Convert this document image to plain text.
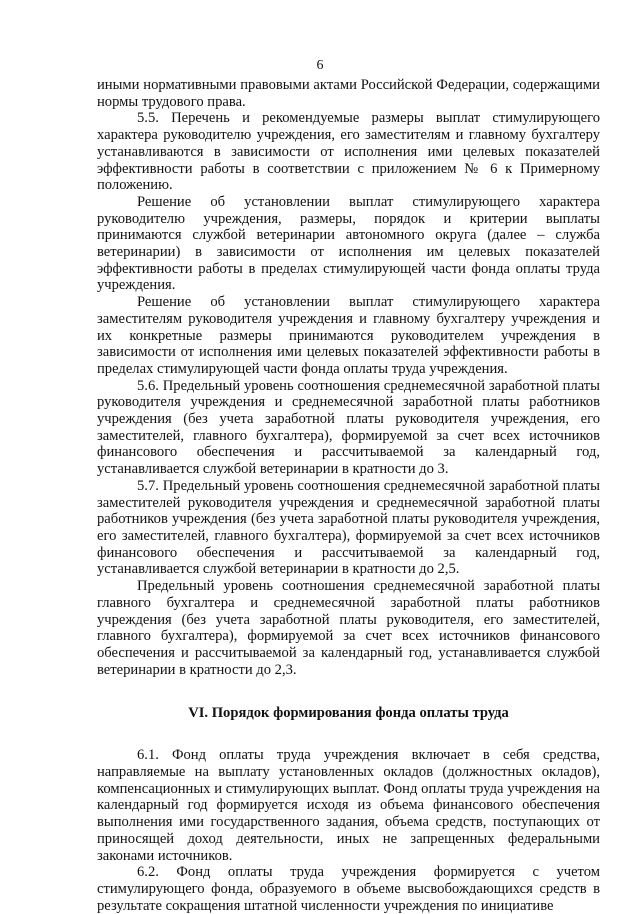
6

иными нормативными правовыми актами Российской Федерации, содержащими нормы трудового права.

5.5. Перечень и рекомендуемые размеры выплат стимулирующего характера руководителю учреждения, его заместителям и главному бухгалтеру устанавливаются в зависимости от исполнения ими целевых показателей эффективности работы в соответствии с приложением № 6 к Примерному положению.

Решение об установлении выплат стимулирующего характера руководителю учреждения, размеры, порядок и критерии выплаты принимаются службой ветеринарии автономного округа (далее – служба ветеринарии) в зависимости от исполнения им целевых показателей эффективности работы в пределах стимулирующей части фонда оплаты труда учреждения.

Решение об установлении выплат стимулирующего характера заместителям руководителя учреждения и главному бухгалтеру учреждения и их конкретные размеры принимаются руководителем учреждения в зависимости от исполнения ими целевых показателей эффективности работы в пределах стимулирующей части фонда оплаты труда учреждения.

5.6. Предельный уровень соотношения среднемесячной заработной платы руководителя учреждения и среднемесячной заработной платы работников учреждения (без учета заработной платы руководителя учреждения, его заместителей, главного бухгалтера), формируемой за счет всех источников финансового обеспечения и рассчитываемой за календарный год, устанавливается службой ветеринарии в кратности до 3.

5.7. Предельный уровень соотношения среднемесячной заработной платы заместителей руководителя учреждения и среднемесячной заработной платы работников учреждения (без учета заработной платы руководителя учреждения, его заместителей, главного бухгалтера), формируемой за счет всех источников финансового обеспечения и рассчитываемой за календарный год, устанавливается службой ветеринарии в кратности до 2,5.

Предельный уровень соотношения среднемесячной заработной платы главного бухгалтера и среднемесячной заработной платы работников учреждения (без учета заработной платы руководителя, его заместителей, главного бухгалтера), формируемой за счет всех источников финансового обеспечения и рассчитываемой за календарный год, устанавливается службой ветеринарии в кратности до 2,3.

VI. Порядок формирования фонда оплаты труда

6.1. Фонд оплаты труда учреждения включает в себя средства, направляемые на выплату установленных окладов (должностных окладов), компенсационных и стимулирующих выплат. Фонд оплаты труда учреждения на календарный год формируется исходя из объема финансового обеспечения выполнения ими государственного задания, объема средств, поступающих от приносящей доход деятельности, иных не запрещенных федеральными законами источников.

6.2. Фонд оплаты труда учреждения формируется с учетом стимулирующего фонда, образуемого в объеме высвобождающихся средств в результате сокращения штатной численности учреждения по инициативе
